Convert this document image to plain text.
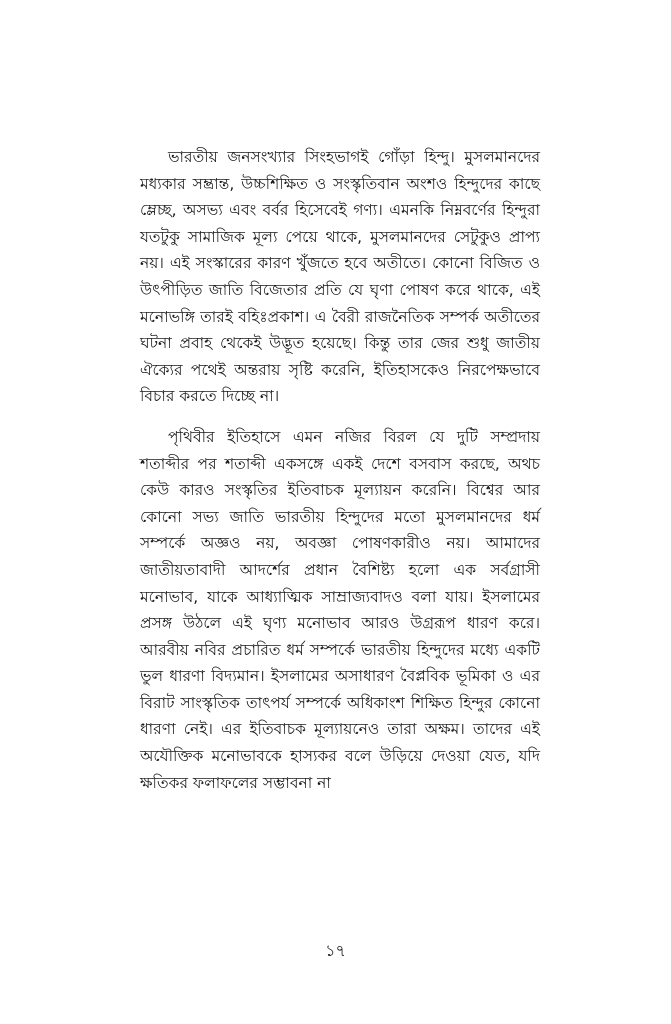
ভারতীয় জনসংখ্যার সিংহভাগই গোঁড়া হিন্দু। মুসলমানদের মধ্যকার সম্ভ্রান্ত, উচ্চশিক্ষিত ও সংস্কৃতিবান অংশও হিন্দুদের কাছে ম্লেচ্ছ, অসভ্য এবং বর্বর হিসেবেই গণ্য। এমনকি নিম্নবর্ণের হিন্দুরা যতটুকু সামাজিক মূল্য পেয়ে থাকে, মুসলমানদের সেটুকুও প্রাপ্য নয়। এই সংস্কারের কারণ খুঁজতে হবে অতীতে। কোনো বিজিত ও উৎপীড়িত জাতি বিজেতার প্রতি যে ঘৃণা পোষণ করে থাকে, এই মনোভঙ্গি তারই বহিঃপ্রকাশ। এ বৈরী রাজনৈতিক সম্পর্ক অতীতের ঘটনা প্রবাহ থেকেই উদ্ভূত হয়েছে। কিন্তু তার জের শুধু জাতীয় ঐক্যের পথেই অন্তরায় সৃষ্টি করেনি, ইতিহাসকেও নিরপেক্ষভাবে বিচার করতে দিচ্ছে না।

পৃথিবীর ইতিহাসে এমন নজির বিরল যে দুটি সম্প্রদায় শতাব্দীর পর শতাব্দী একসঙ্গে একই দেশে বসবাস করছে, অথচ কেউ কারও সংস্কৃতির ইতিবাচক মূল্যায়ন করেনি। বিশ্বের আর কোনো সভ্য জাতি ভারতীয় হিন্দুদের মতো মুসলমানদের ধর্ম সম্পর্কে অজ্ঞও নয়, অবজ্ঞা পোষণকারীও নয়। আমাদের জাতীয়তাবাদী আদর্শের প্রধান বৈশিষ্ট্য হলো এক সর্বগ্রাসী মনোভাব, যাকে আধ্যাত্মিক সাম্রাজ্যবাদও বলা যায়। ইসলামের প্রসঙ্গ উঠলে এই ঘৃণ্য মনোভাব আরও উগ্ররূপ ধারণ করে। আরবীয় নবির প্রচারিত ধর্ম সম্পর্কে ভারতীয় হিন্দুদের মধ্যে একটি ভুল ধারণা বিদ্যমান। ইসলামের অসাধারণ বৈপ্লবিক ভূমিকা ও এর বিরাট সাংস্কৃতিক তাৎপর্য সম্পর্কে অধিকাংশ শিক্ষিত হিন্দুর কোনো ধারণা নেই। এর ইতিবাচক মূল্যায়নেও তারা অক্ষম। তাদের এই অযৌক্তিক মনোভাবকে হাস্যকর বলে উড়িয়ে দেওয়া যেত, যদি ক্ষতিকর ফলাফলের সম্ভাবনা না

১৭
